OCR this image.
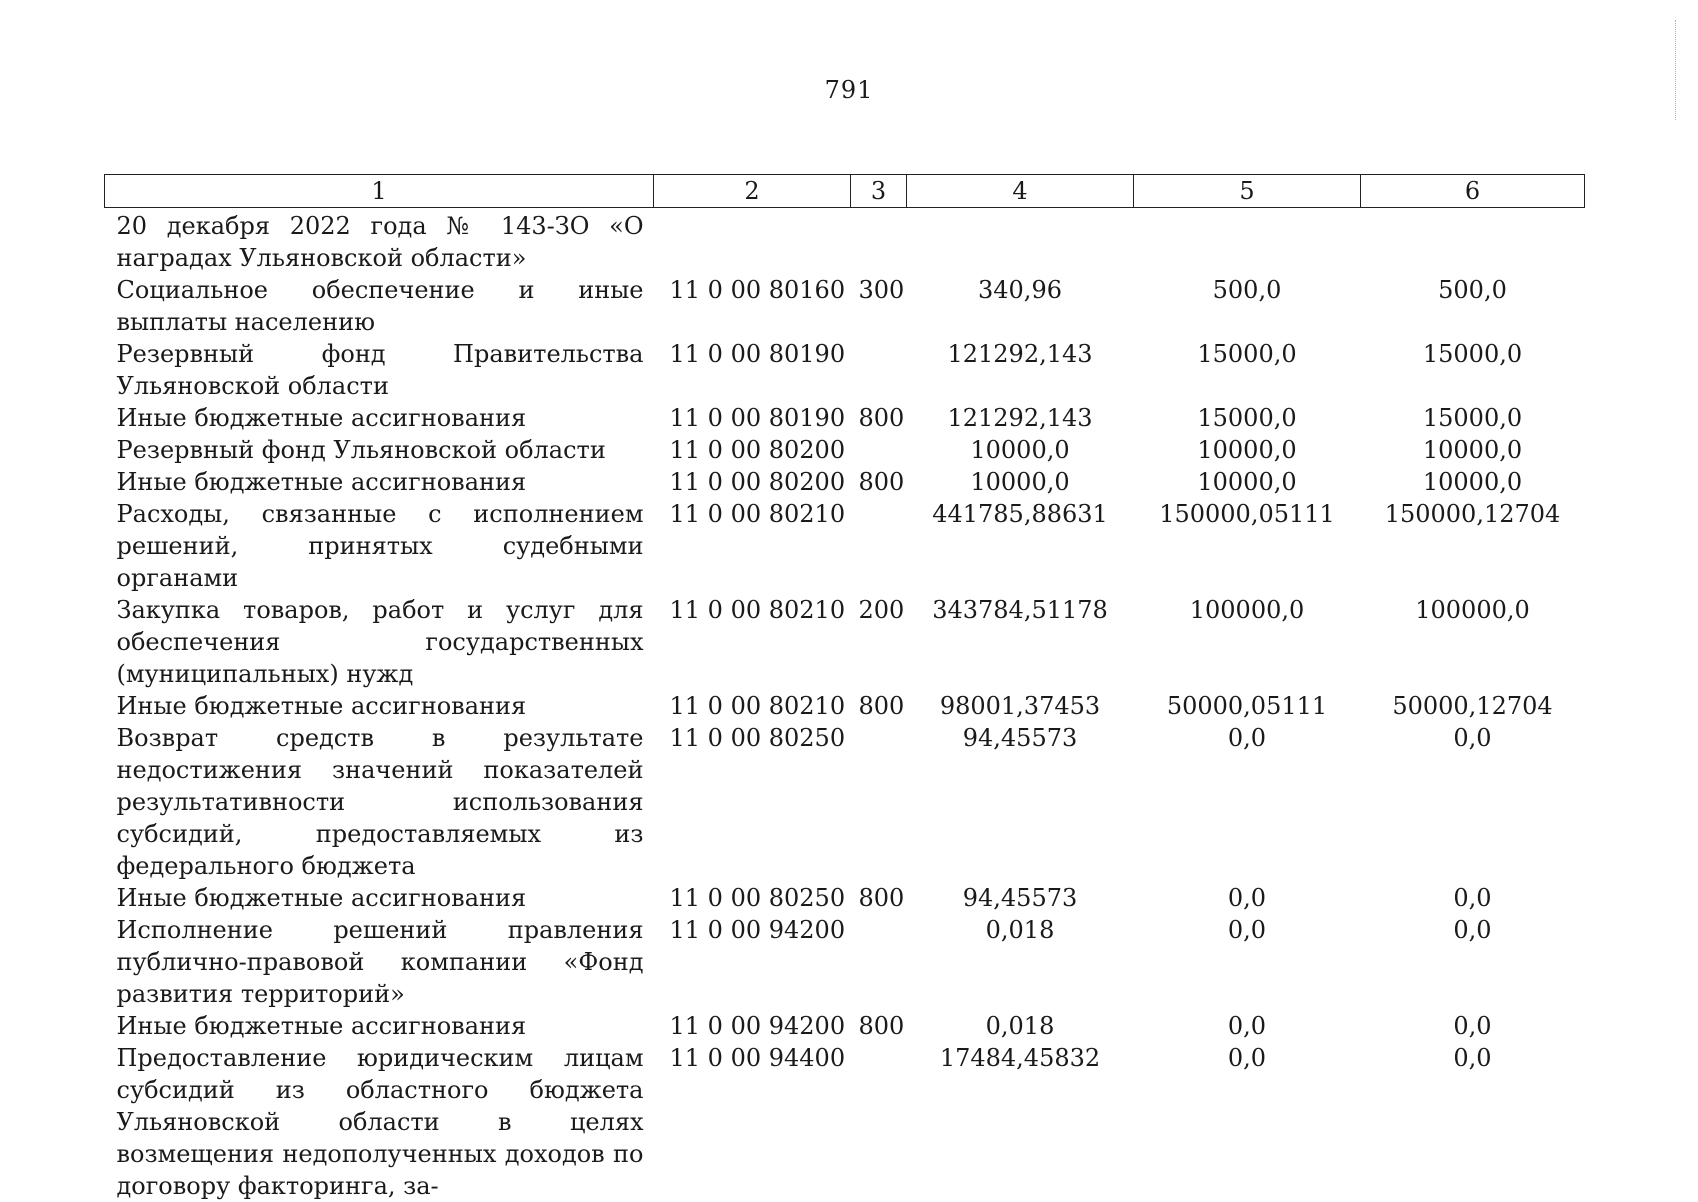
791
1	2	3	4	5	6
20 декабря 2022 года № 143-ЗО «О наградах Ульяновской области»					
Социальное обеспечение и иные выплаты населению	11 0 00 80160	300	340,96	500,0	500,0
Резервный фонд Правительства Ульяновской области	11 0 00 80190		121292,143	15000,0	15000,0
Иные бюджетные ассигнования	11 0 00 80190	800	121292,143	15000,0	15000,0
Резервный фонд Ульяновской области	11 0 00 80200		10000,0	10000,0	10000,0
Иные бюджетные ассигнования	11 0 00 80200	800	10000,0	10000,0	10000,0
Расходы, связанные с исполнением решений, принятых судебными органами	11 0 00 80210		441785,88631	150000,05111	150000,12704
Закупка товаров, работ и услуг для обеспечения государственных (муниципальных) нужд	11 0 00 80210	200	343784,51178	100000,0	100000,0
Иные бюджетные ассигнования	11 0 00 80210	800	98001,37453	50000,05111	50000,12704
Возврат средств в результате недостижения значений показателей результативности использования субсидий, предоставляемых из федерального бюджета	11 0 00 80250		94,45573	0,0	0,0
Иные бюджетные ассигнования	11 0 00 80250	800	94,45573	0,0	0,0
Исполнение решений правления публично-правовой компании «Фонд развития территорий»	11 0 00 94200		0,018	0,0	0,0
Иные бюджетные ассигнования	11 0 00 94200	800	0,018	0,0	0,0
Предоставление юридическим лицам субсидий из областного бюджета Ульяновской области в целях возмещения недополученных доходов по договору факторинга, за-	11 0 00 94400		17484,45832	0,0	0,0
